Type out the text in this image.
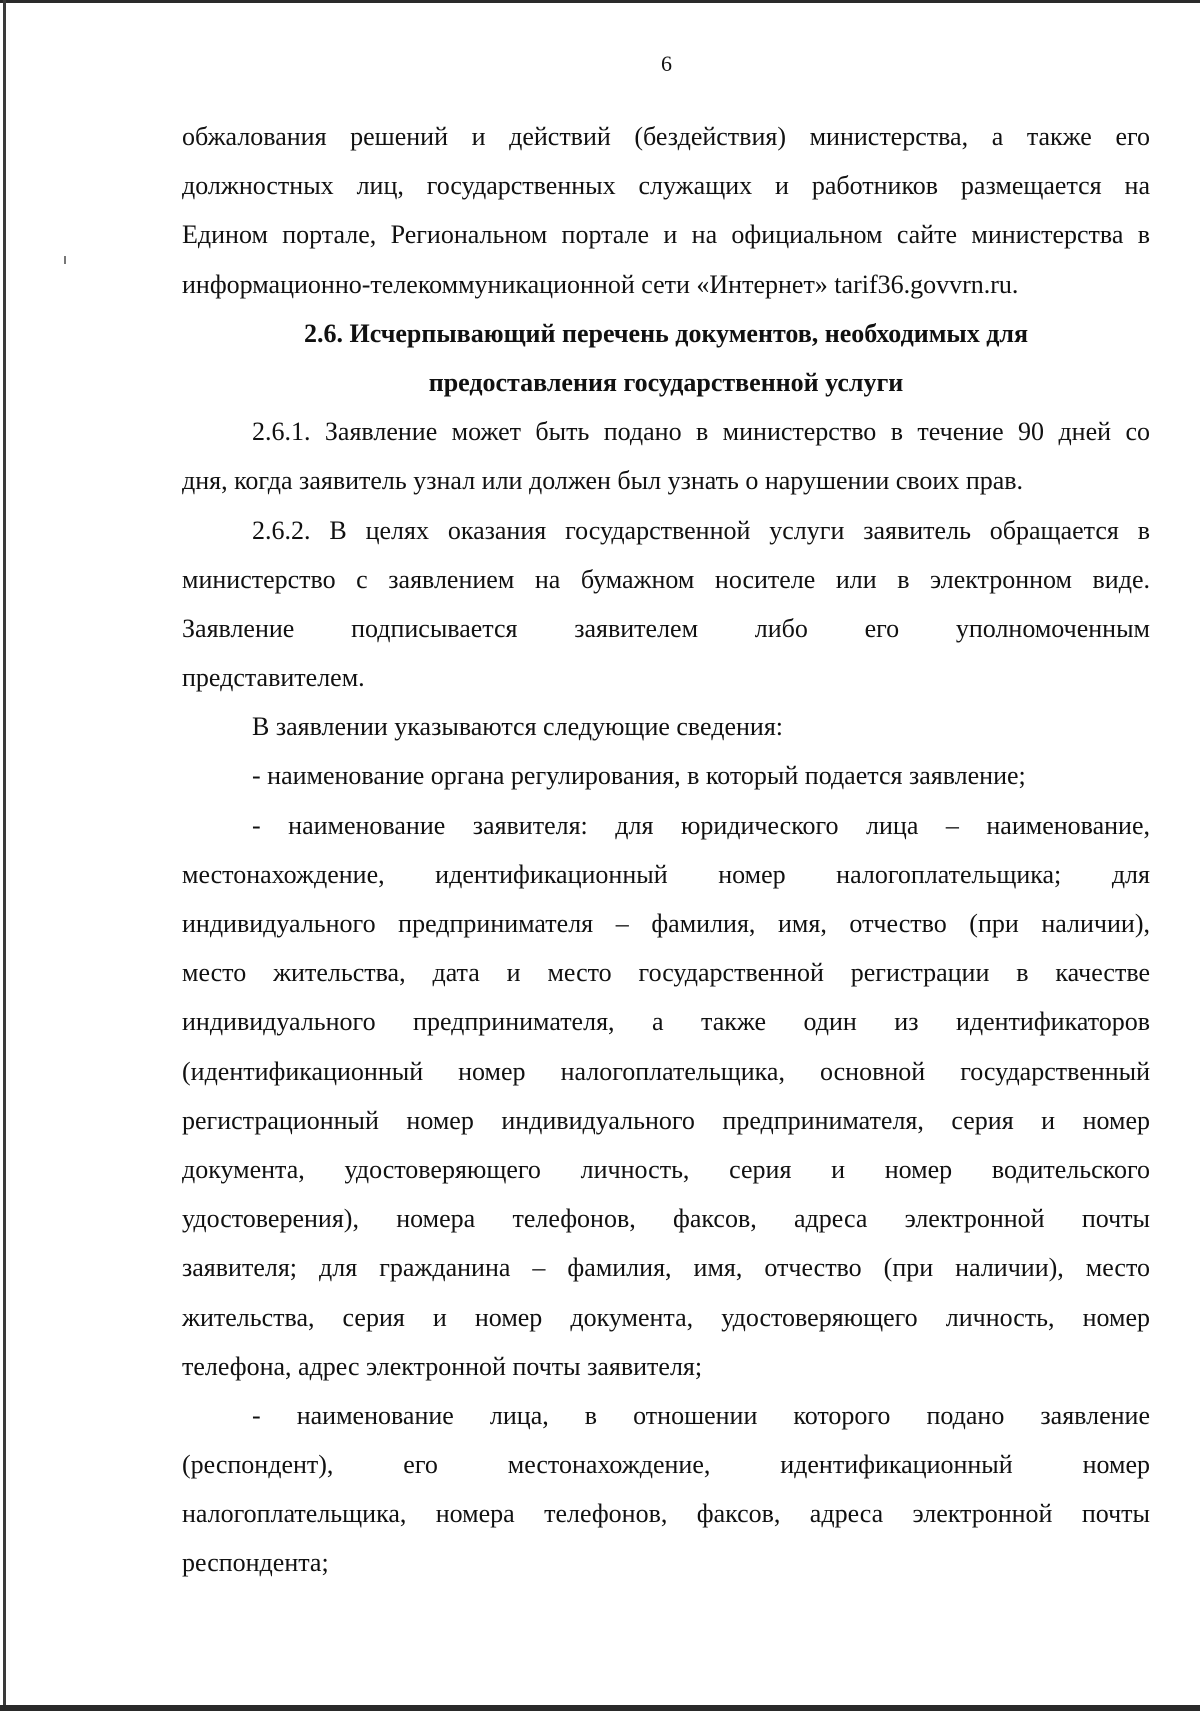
6
обжалования решений и действий (бездействия) министерства, а также его
должностных лиц, государственных служащих и работников размещается на
Едином портале, Региональном портале и на официальном сайте министерства в
информационно-телекоммуникационной сети «Интернет» tarif36.govvrn.ru.
2.6. Исчерпывающий перечень документов, необходимых для
предоставления государственной услуги
2.6.1. Заявление может быть подано в министерство в течение 90 дней со
дня, когда заявитель узнал или должен был узнать о нарушении своих прав.
2.6.2. В целях оказания государственной услуги заявитель обращается в
министерство с заявлением на бумажном носителе или в электронном виде.
Заявление подписывается заявителем либо его уполномоченным
представителем.
В заявлении указываются следующие сведения:
- наименование органа регулирования, в который подается заявление;
- наименование заявителя: для юридического лица – наименование,
местонахождение, идентификационный номер налогоплательщика; для
индивидуального предпринимателя – фамилия, имя, отчество (при наличии),
место жительства, дата и место государственной регистрации в качестве
индивидуального предпринимателя, а также один из идентификаторов
(идентификационный номер налогоплательщика, основной государственный
регистрационный номер индивидуального предпринимателя, серия и номер
документа, удостоверяющего личность, серия и номер водительского
удостоверения), номера телефонов, факсов, адреса электронной почты
заявителя; для гражданина – фамилия, имя, отчество (при наличии), место
жительства, серия и номер документа, удостоверяющего личность, номер
телефона, адрес электронной почты заявителя;
- наименование лица, в отношении которого подано заявление
(респондент), его местонахождение, идентификационный номер
налогоплательщика, номера телефонов, факсов, адреса электронной почты
респондента;
